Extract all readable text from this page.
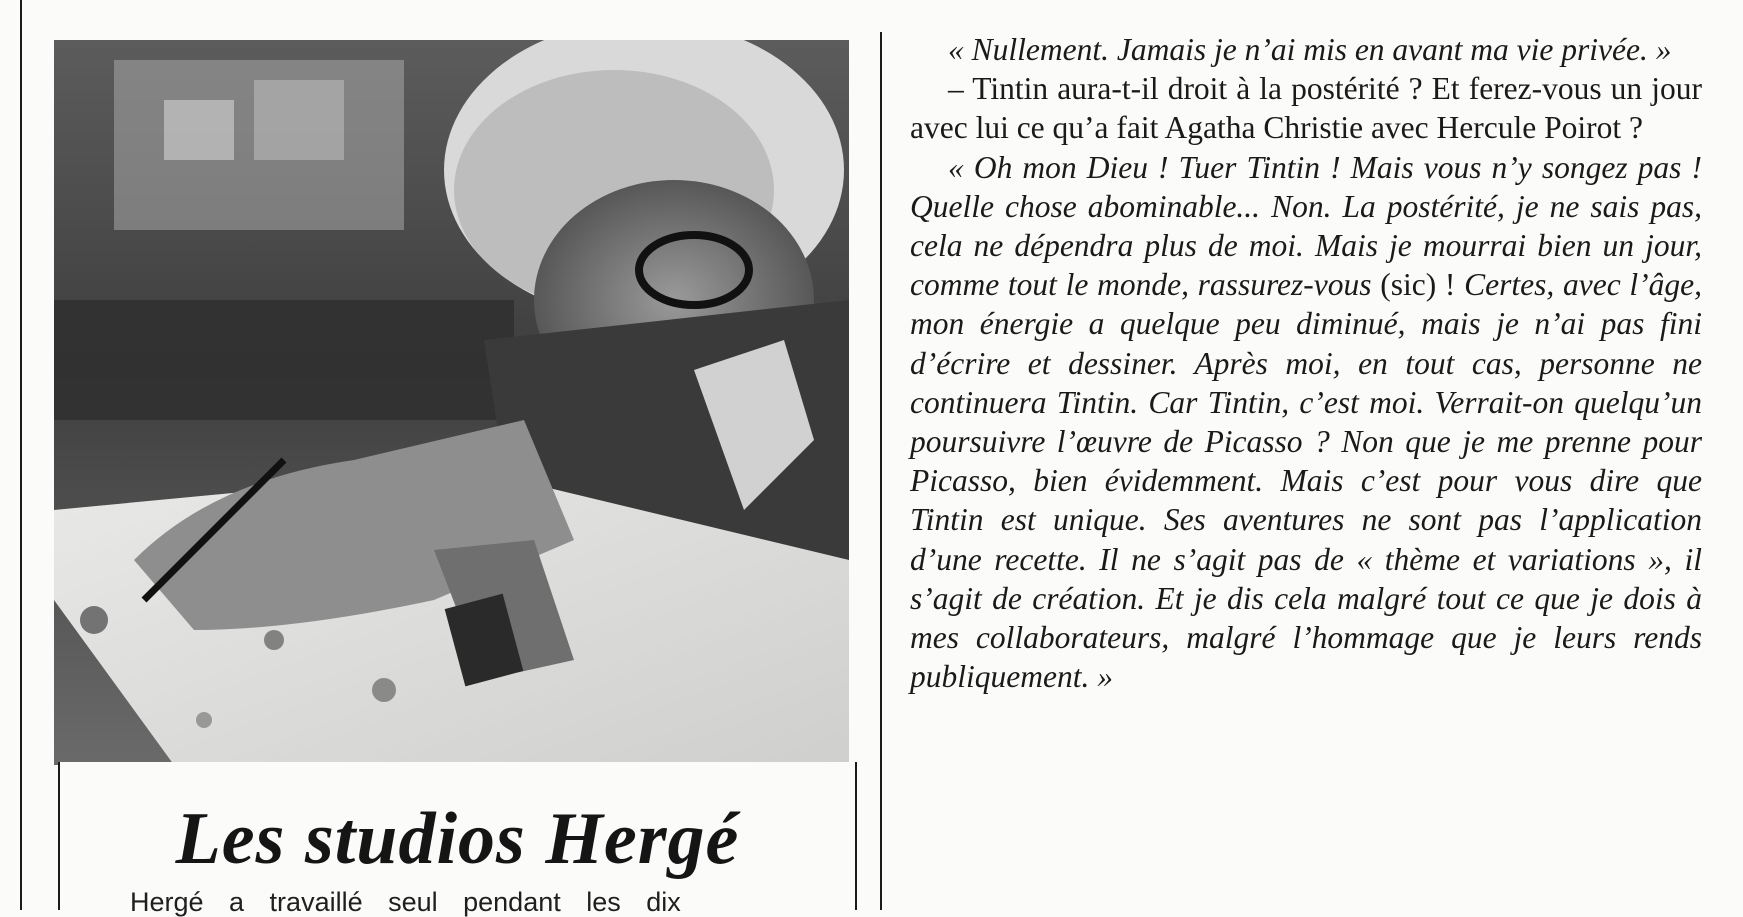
Les studios Hergé

Hergé a travaillé seul pendant les dix

« Nullement. Jamais je n’ai mis en avant ma vie privée. »

– Tintin aura-t-il droit à la postérité ? Et ferez-vous un jour avec lui ce qu’a fait Agatha Christie avec Hercule Poirot ?

« Oh mon Dieu ! Tuer Tintin ! Mais vous n’y songez pas ! Quelle chose abominable... Non. La postérité, je ne sais pas, cela ne dépendra plus de moi. Mais je mourrai bien un jour, comme tout le monde, rassurez-vous (sic) ! Certes, avec l’âge, mon énergie a quelque peu diminué, mais je n’ai pas fini d’écrire et dessiner. Après moi, en tout cas, personne ne continuera Tintin. Car Tintin, c’est moi. Verrait-on quelqu’un poursuivre l’œuvre de Picasso ? Non que je me prenne pour Picasso, bien évidemment. Mais c’est pour vous dire que Tintin est unique. Ses aventures ne sont pas l’application d’une recette. Il ne s’agit pas de « thème et variations », il s’agit de création. Et je dis cela malgré tout ce que je dois à mes collaborateurs, malgré l’hommage que je leurs rends publiquement. »
